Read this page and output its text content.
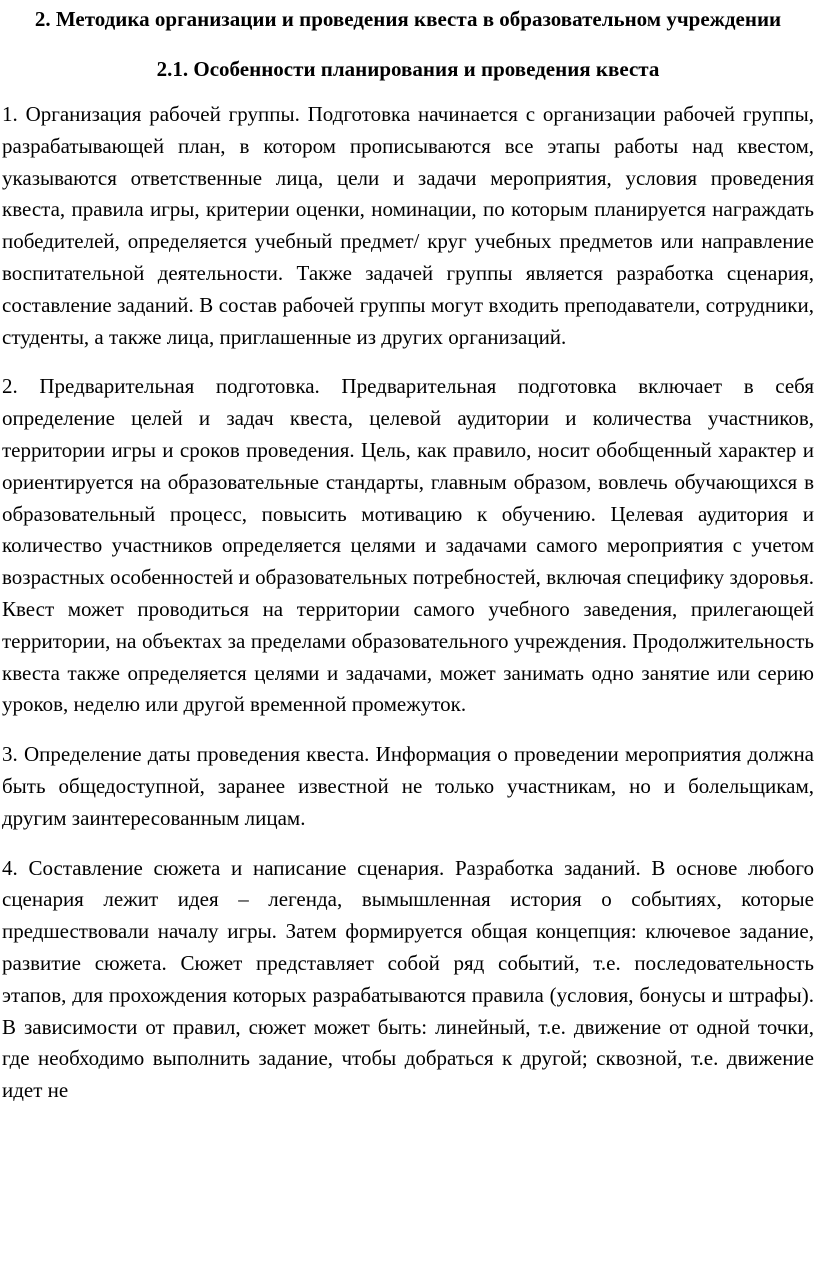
2. Методика организации и проведения квеста в образовательном учреждении
2.1. Особенности планирования и проведения квеста

1. Организация рабочей группы. Подготовка начинается с организации рабочей группы, разрабатывающей план, в котором прописываются все этапы работы над квестом, указываются ответственные лица, цели и задачи мероприятия, условия проведения квеста, правила игры, критерии оценки, номинации, по которым планируется награждать победителей, определяется учебный предмет/ круг учебных предметов или направление воспитательной деятельности. Также задачей группы является разработка сценария, составление заданий. В состав рабочей группы могут входить преподаватели, сотрудники, студенты, а также лица, приглашенные из других организаций.

2. Предварительная подготовка. Предварительная подготовка включает в себя определение целей и задач квеста, целевой аудитории и количества участников, территории игры и сроков проведения. Цель, как правило, носит обобщенный характер и ориентируется на образовательные стандарты, главным образом, вовлечь обучающихся в образовательный процесс, повысить мотивацию к обучению. Целевая аудитория и количество участников определяется целями и задачами самого мероприятия с учетом возрастных особенностей и образовательных потребностей, включая специфику здоровья. Квест может проводиться на территории самого учебного заведения, прилегающей территории, на объектах за пределами образовательного учреждения. Продолжительность квеста также определяется целями и задачами, может занимать одно занятие или серию уроков, неделю или другой временной промежуток.

3. Определение даты проведения квеста. Информация о проведении мероприятия должна быть общедоступной, заранее известной не только участникам, но и болельщикам, другим заинтересованным лицам.

4. Составление сюжета и написание сценария. Разработка заданий. В основе любого сценария лежит идея – легенда, вымышленная история о событиях, которые предшествовали началу игры. Затем формируется общая концепция: ключевое задание, развитие сюжета. Сюжет представляет собой ряд событий, т.е. последовательность этапов, для прохождения которых разрабатываются правила (условия, бонусы и штрафы). В зависимости от правил, сюжет может быть: линейный, т.е. движение от одной точки, где необходимо выполнить задание, чтобы добраться к другой; сквозной, т.е. движение идет не
